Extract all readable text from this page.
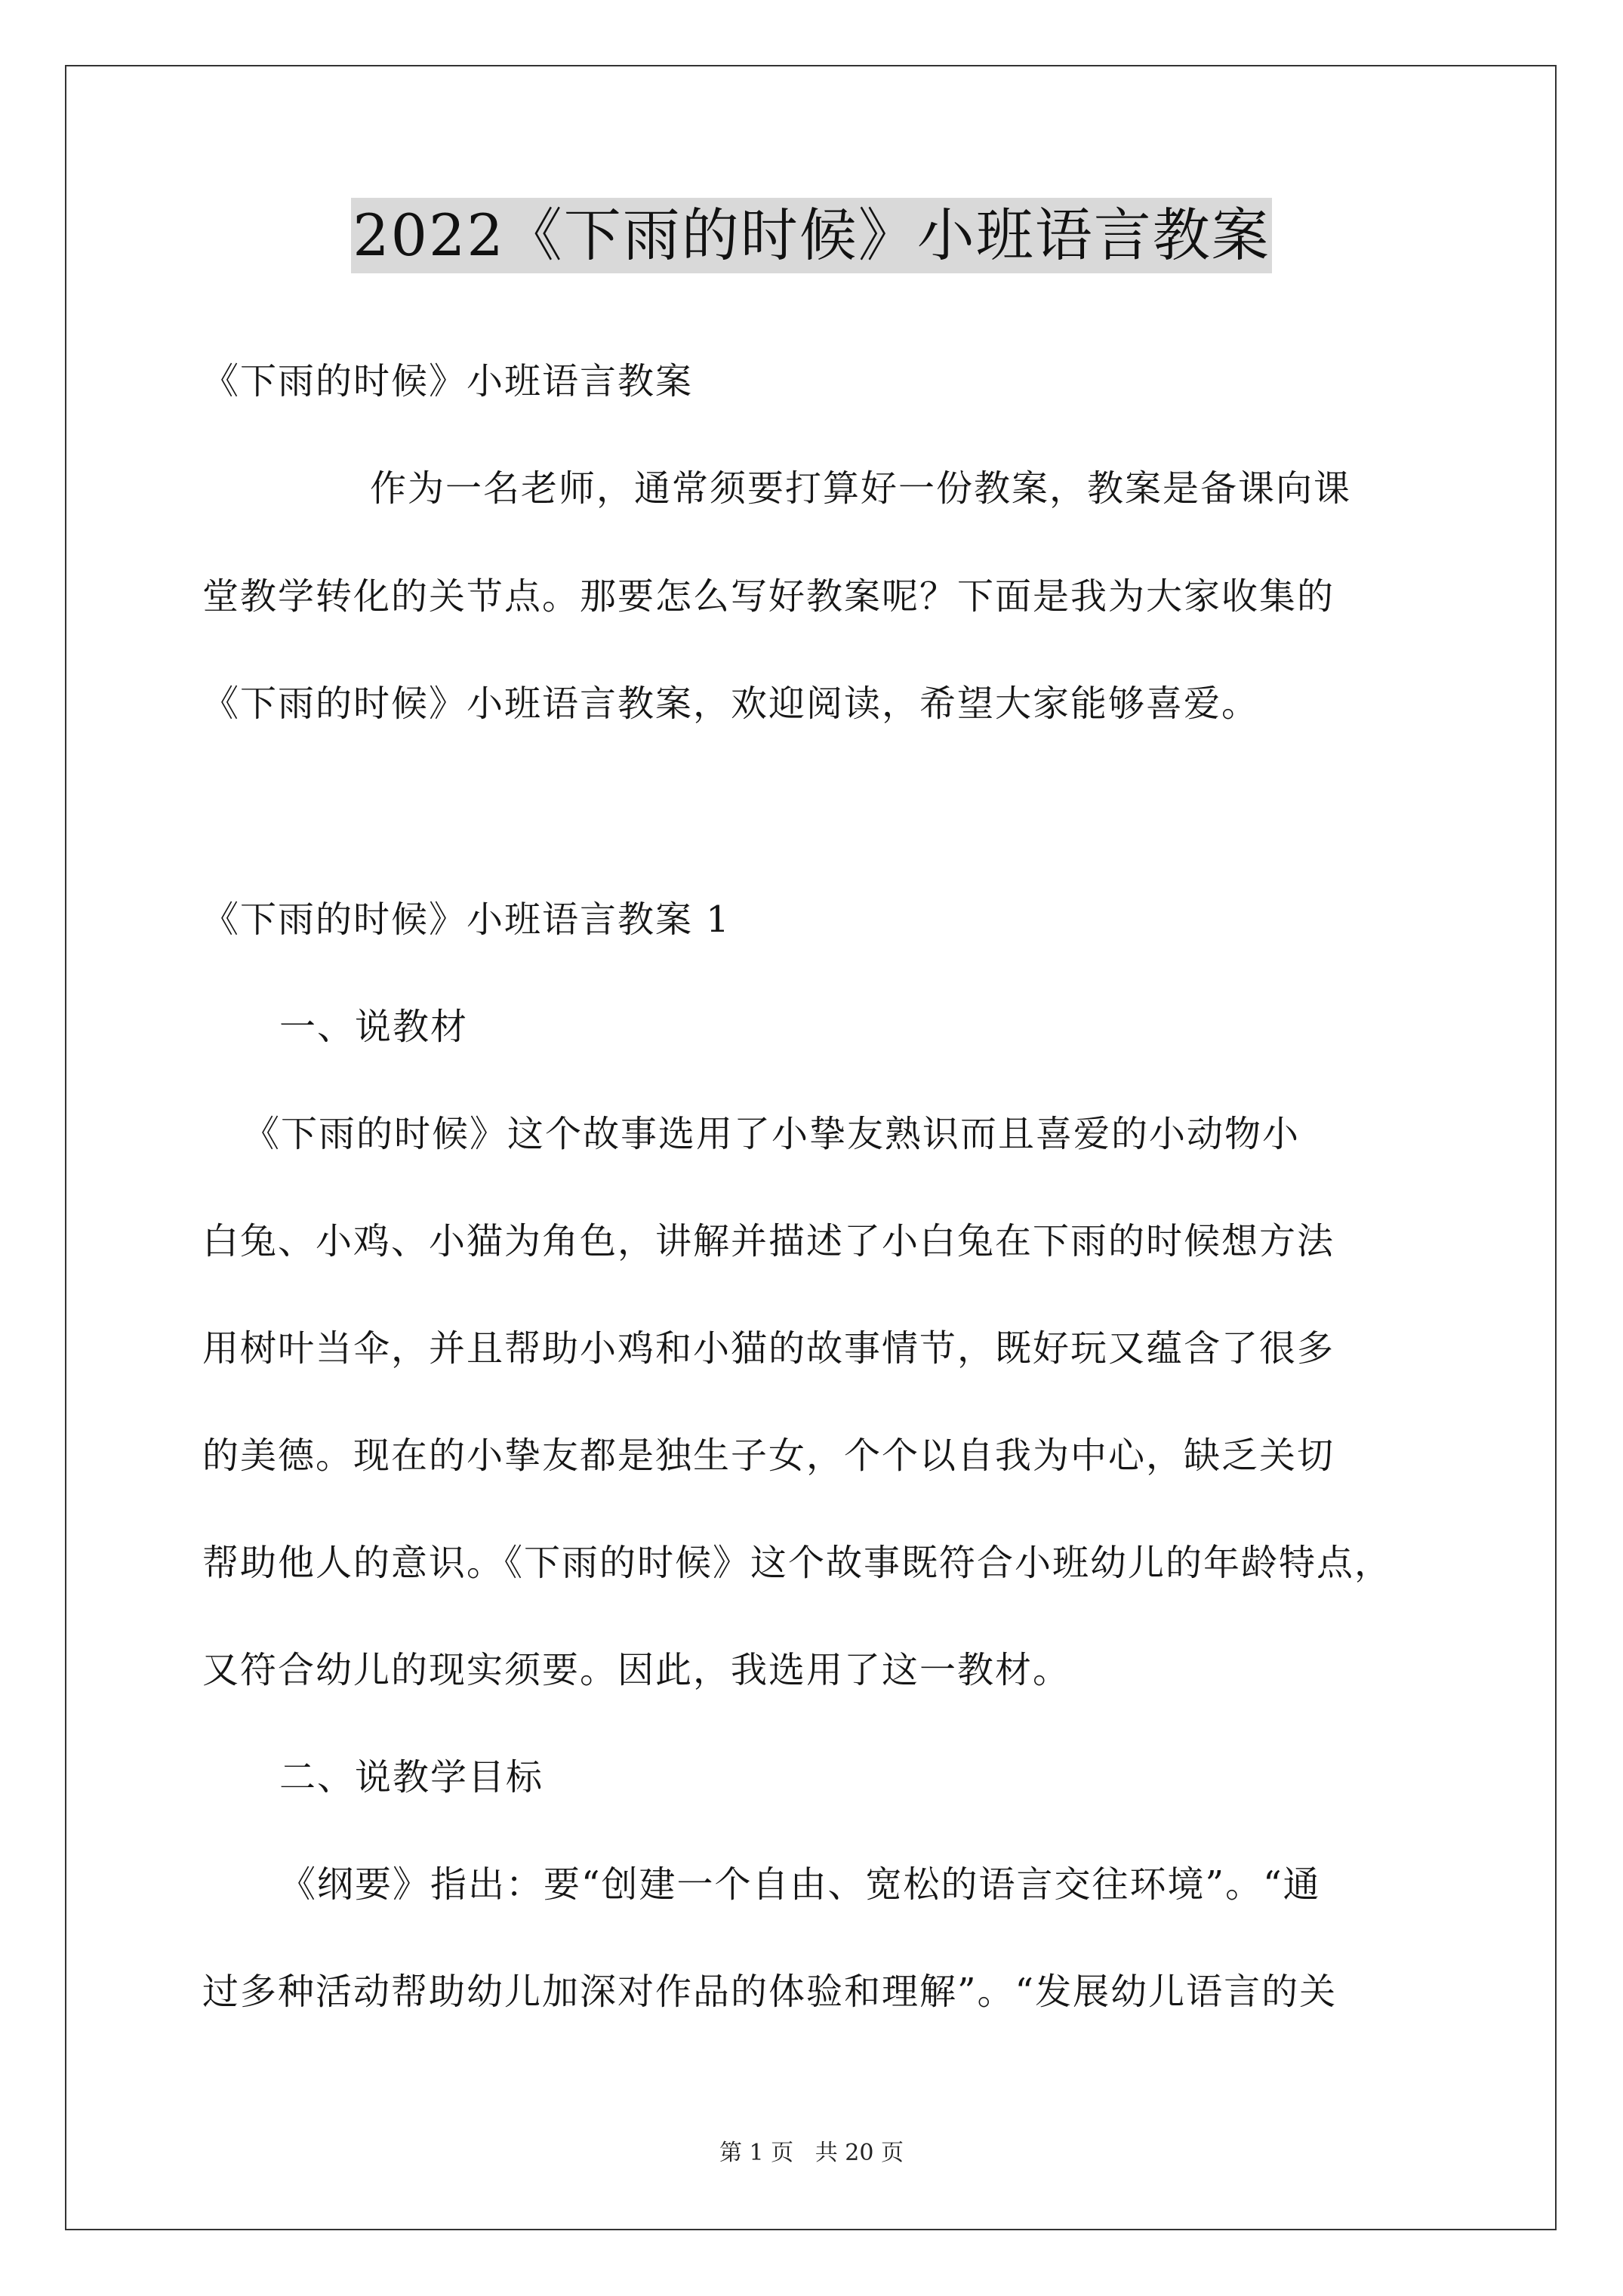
2022《下雨的时候》小班语言教案
《下雨的时候》小班语言教案
作为一名老师，通常须要打算好一份教案，教案是备课向课
堂教学转化的关节点。那要怎么写好教案呢？下面是我为大家收集的
《下雨的时候》小班语言教案，欢迎阅读，希望大家能够喜爱。
《下雨的时候》小班语言教案 1
一、说教材
《下雨的时候》这个故事选用了小挚友熟识而且喜爱的小动物小
白兔、小鸡、小猫为角色，讲解并描述了小白兔在下雨的时候想方法
用树叶当伞，并且帮助小鸡和小猫的故事情节，既好玩又蕴含了很多
的美德。现在的小挚友都是独生子女，个个以自我为中心，缺乏关切
帮助他人的意识。《下雨的时候》这个故事既符合小班幼儿的年龄特点，
又符合幼儿的现实须要。因此，我选用了这一教材。
二、说教学目标
《纲要》指出：要“创建一个自由、宽松的语言交往环境”。“通
过多种活动帮助幼儿加深对作品的体验和理解”。“发展幼儿语言的关
第 1 页   共 20 页
